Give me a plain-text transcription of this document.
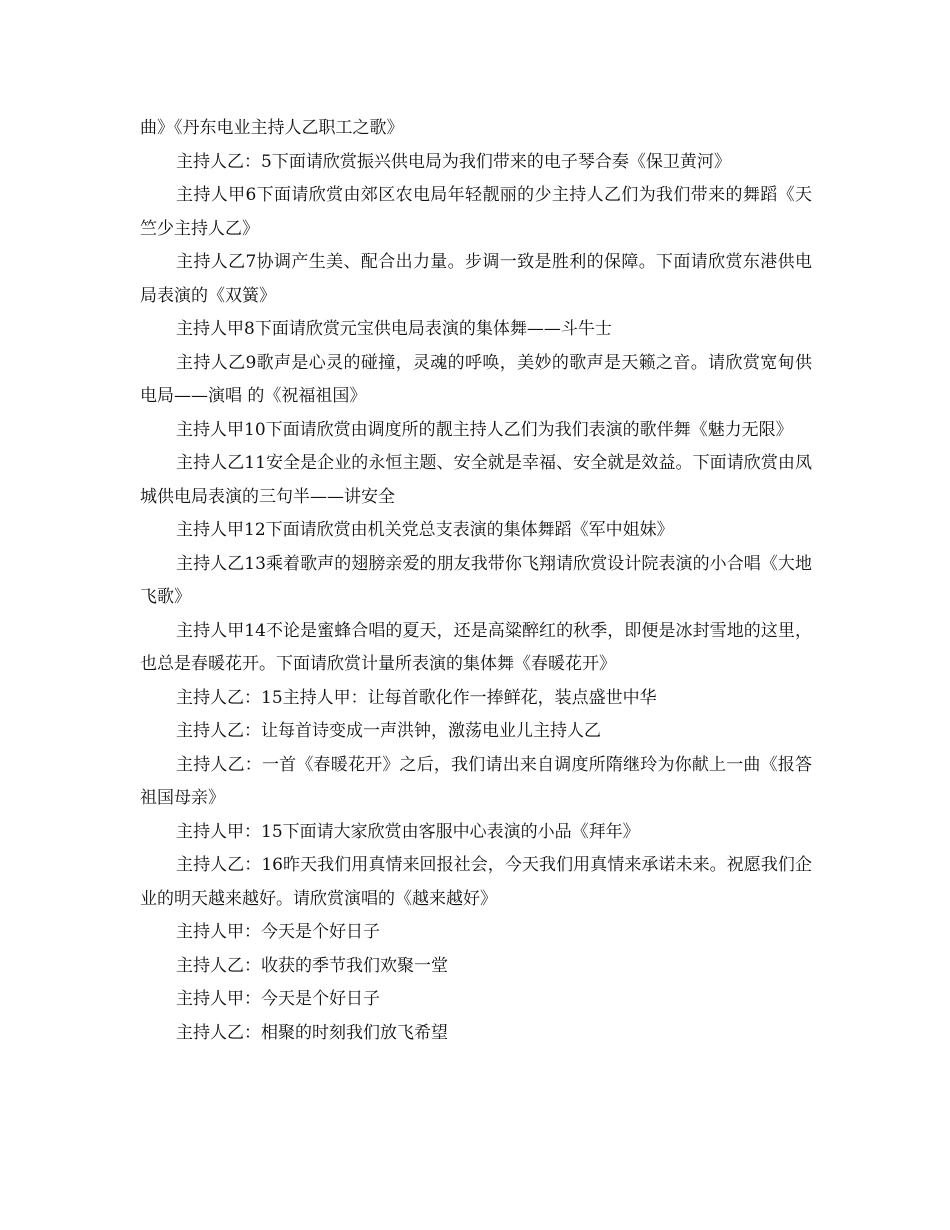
曲》《丹东电业主持人乙职工之歌》

主持人乙：5下面请欣赏振兴供电局为我们带来的电子琴合奏《保卫黄河》

主持人甲6下面请欣赏由郊区农电局年轻靓丽的少主持人乙们为我们带来的舞蹈《天竺少主持人乙》

主持人乙7协调产生美、配合出力量。步调一致是胜利的保障。下面请欣赏东港供电局表演的《双簧》

主持人甲8下面请欣赏元宝供电局表演的集体舞——斗牛士

主持人乙9歌声是心灵的碰撞，灵魂的呼唤，美妙的歌声是天籁之音。请欣赏宽甸供电局——演唱 的《祝福祖国》

主持人甲10下面请欣赏由调度所的靓主持人乙们为我们表演的歌伴舞《魅力无限》

主持人乙11安全是企业的永恒主题、安全就是幸福、安全就是效益。下面请欣赏由凤城供电局表演的三句半——讲安全

主持人甲12下面请欣赏由机关党总支表演的集体舞蹈《军中姐妹》

主持人乙13乘着歌声的翅膀亲爱的朋友我带你飞翔请欣赏设计院表演的小合唱《大地飞歌》

主持人甲14不论是蜜蜂合唱的夏天，还是高粱醉红的秋季，即便是冰封雪地的这里，也总是春暖花开。下面请欣赏计量所表演的集体舞《春暖花开》

主持人乙：15主持人甲：让每首歌化作一捧鲜花，装点盛世中华

主持人乙：让每首诗变成一声洪钟，激荡电业儿主持人乙

主持人乙：一首《春暖花开》之后，我们请出来自调度所隋继玲为你献上一曲《报答祖国母亲》

主持人甲：15下面请大家欣赏由客服中心表演的小品《拜年》

主持人乙：16昨天我们用真情来回报社会，今天我们用真情来承诺未来。祝愿我们企业的明天越来越好。请欣赏演唱的《越来越好》

主持人甲：今天是个好日子

主持人乙：收获的季节我们欢聚一堂

主持人甲：今天是个好日子

主持人乙：相聚的时刻我们放飞希望
